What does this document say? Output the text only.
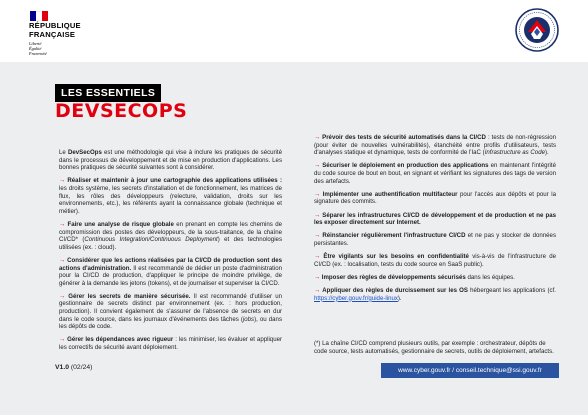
RÉPUBLIQUE
FRANÇAISE
Liberté
Égalité
Fraternité
LES ESSENTIELS
DEVSECOPS

Le DevSecOps est une méthodologie qui vise à inclure les pratiques de sécurité dans le processus de développement et de mise en production d'applications. Les bonnes pratiques de sécurité suivantes sont à considérer.

→ Réaliser et maintenir à jour une cartographie des applications utilisées : les droits système, les secrets d'installation et de fonctionnement, les matrices de flux, les rôles des développeurs (relecture, validation, droits sur les environnements, etc.), les référents ayant la connaissance globale (technique et métier).

→ Faire une analyse de risque globale en prenant en compte les chemins de compromission des postes des développeurs, de la sous-traitance, de la chaîne CI/CD* (Continuous Integration/Continuous Deployment) et des technologies utilisées (ex. : cloud).

→ Considérer que les actions réalisées par la CI/CD de production sont des actions d'administration. Il est recommandé de dédier un poste d'administration pour la CI/CD de production, d'appliquer le principe de moindre privilège, de générer à la demande les jetons (tokens), et de journaliser et superviser la CI/CD.

→ Gérer les secrets de manière sécurisée. Il est recommandé d'utiliser un gestionnaire de secrets distinct par environnement (ex. : hors production, production). Il convient également de s'assurer de l'absence de secrets en dur dans le code source, dans les journaux d'événements des tâches (jobs), ou dans les dépôts de code.

→ Gérer les dépendances avec rigueur : les minimiser, les évaluer et appliquer les correctifs de sécurité avant déploiement.

→ Prévoir des tests de sécurité automatisés dans la CI/CD : tests de non-régression (pour éviter de nouvelles vulnérabilités), étanchéité entre profils d'utilisateurs, tests d'analyses statique et dynamique, tests de conformité de l'IaC (Infrastructure as Code).

→ Sécuriser le déploiement en production des applications en maintenant l'intégrité du code source de bout en bout, en signant et vérifiant les signatures des tags de version des artefacts.

→ Implémenter une authentification multifacteur pour l'accès aux dépôts et pour la signature des commits.

→ Séparer les infrastructures CI/CD de développement et de production et ne pas les exposer directement sur Internet.

→ Réinstancier régulièrement l'infrastructure CI/CD et ne pas y stocker de données persistantes.

→ Être vigilants sur les besoins en confidentialité vis-à-vis de l'infrastructure de CI/CD (ex. : localisation, tests du code source en SaaS public).

→ Imposer des règles de développements sécurisés dans les équipes.

→ Appliquer des règles de durcissement sur les OS hébergeant les applications (cf. https://cyber.gouv.fr/guide-linux).

(*) La chaîne CI/CD comprend plusieurs outils, par exemple : orchestrateur, dépôts de code source, tests automatisés, gestionnaire de secrets, outils de déploiement, artefacts.

V1.0 (02/24)	www.cyber.gouv.fr / conseil.technique@ssi.gouv.fr
